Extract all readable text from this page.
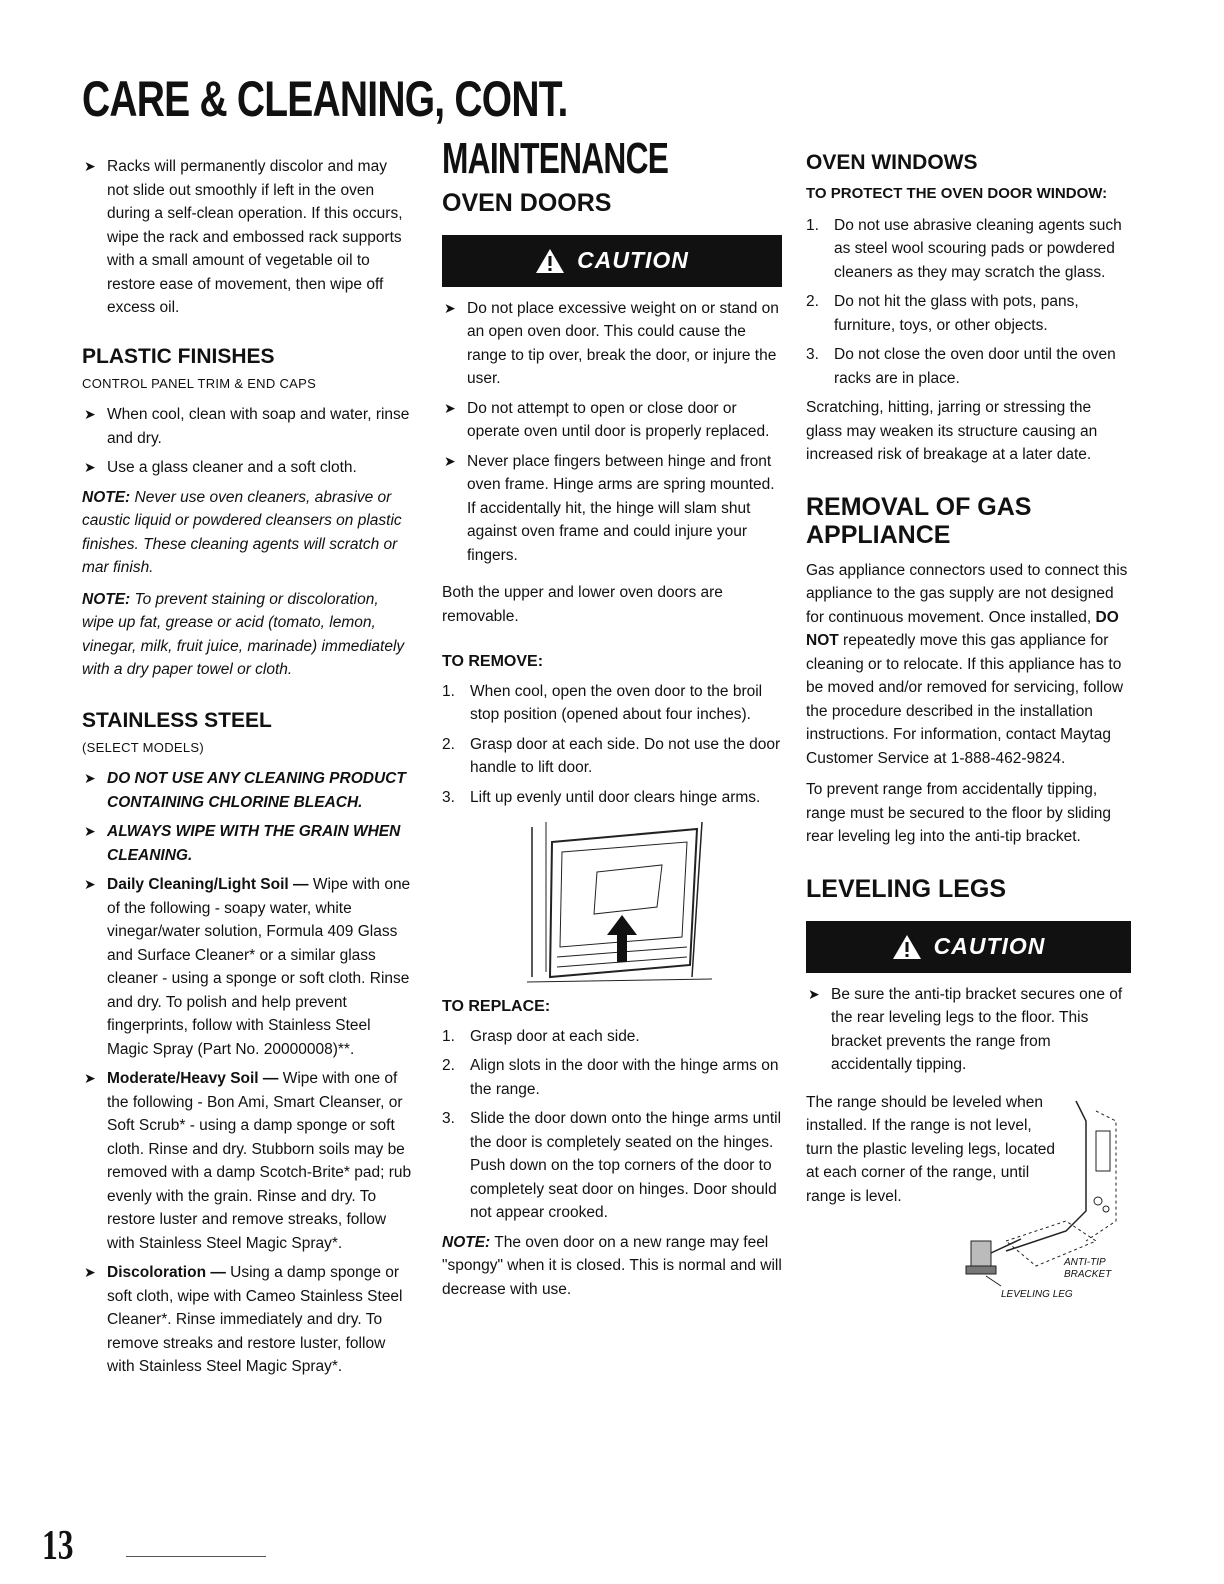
CARE & CLEANING, CONT.
➤ Racks will permanently discolor and may not slide out smoothly if left in the oven during a self-clean operation. If this occurs, wipe the rack and embossed rack supports with a small amount of vegetable oil to restore ease of movement, then wipe off excess oil.
PLASTIC FINISHES
CONTROL PANEL TRIM & END CAPS
➤ When cool, clean with soap and water, rinse and dry.
➤ Use a glass cleaner and a soft cloth.
NOTE: Never use oven cleaners, abrasive or caustic liquid or powdered cleansers on plastic finishes. These cleaning agents will scratch or mar finish.
NOTE: To prevent staining or discoloration, wipe up fat, grease or acid (tomato, lemon, vinegar, milk, fruit juice, marinade) immediately with a dry paper towel or cloth.
STAINLESS STEEL
(SELECT MODELS)
➤ DO NOT USE ANY CLEANING PRODUCT CONTAINING CHLORINE BLEACH.
➤ ALWAYS WIPE WITH THE GRAIN WHEN CLEANING.
➤ Daily Cleaning/Light Soil — Wipe with one of the following - soapy water, white vinegar/water solution, Formula 409 Glass and Surface Cleaner* or a similar glass cleaner - using a sponge or soft cloth. Rinse and dry. To polish and help prevent fingerprints, follow with Stainless Steel Magic Spray (Part No. 20000008)**.
➤ Moderate/Heavy Soil — Wipe with one of the following - Bon Ami, Smart Cleanser, or Soft Scrub* - using a damp sponge or soft cloth. Rinse and dry. Stubborn soils may be removed with a damp Scotch-Brite* pad; rub evenly with the grain. Rinse and dry. To restore luster and remove streaks, follow with Stainless Steel Magic Spray*.
➤ Discoloration — Using a damp sponge or soft cloth, wipe with Cameo Stainless Steel Cleaner*. Rinse immediately and dry. To remove streaks and restore luster, follow with Stainless Steel Magic Spray*.
MAINTENANCE
OVEN DOORS
CAUTION
➤ Do not place excessive weight on or stand on an open oven door. This could cause the range to tip over, break the door, or injure the user.
➤ Do not attempt to open or close door or operate oven until door is properly replaced.
➤ Never place fingers between hinge and front oven frame. Hinge arms are spring mounted. If accidentally hit, the hinge will slam shut against oven frame and could injure your fingers.

Both the upper and lower oven doors are removable.

TO REMOVE:
1. When cool, open the oven door to the broil stop position (opened about four inches).
2. Grasp door at each side. Do not use the door handle to lift door.
3. Lift up evenly until door clears hinge arms.
TO REPLACE:
1. Grasp door at each side.
2. Align slots in the door with the hinge arms on the range.
3. Slide the door down onto the hinge arms until the door is completely seated on the hinges. Push down on the top corners of the door to completely seat door on hinges. Door should not appear crooked.

NOTE: The oven door on a new range may feel "spongy" when it is closed. This is normal and will decrease with use.

OVEN WINDOWS
TO PROTECT THE OVEN DOOR WINDOW:
1. Do not use abrasive cleaning agents such as steel wool scouring pads or powdered cleaners as they may scratch the glass.
2. Do not hit the glass with pots, pans, furniture, toys, or other objects.
3. Do not close the oven door until the oven racks are in place.

Scratching, hitting, jarring or stressing the glass may weaken its structure causing an increased risk of breakage at a later date.

REMOVAL OF GAS APPLIANCE

Gas appliance connectors used to connect this appliance to the gas supply are not designed for continuous movement. Once installed, DO NOT repeatedly move this gas appliance for cleaning or to relocate. If this appliance has to be moved and/or removed for servicing, follow the procedure described in the installation instructions. For information, contact Maytag Customer Service at 1-888-462-9824.

To prevent range from accidentally tipping, range must be secured to the floor by sliding rear leveling leg into the anti-tip bracket.

LEVELING LEGS
CAUTION
➤ Be sure the anti-tip bracket secures one of the rear leveling legs to the floor. This bracket prevents the range from accidentally tipping.

The range should be leveled when installed. If the range is not level, turn the plastic leveling legs, located at each corner of the range, until range is level.

ANTI-TIP
BRACKET
LEVELING LEG
13
